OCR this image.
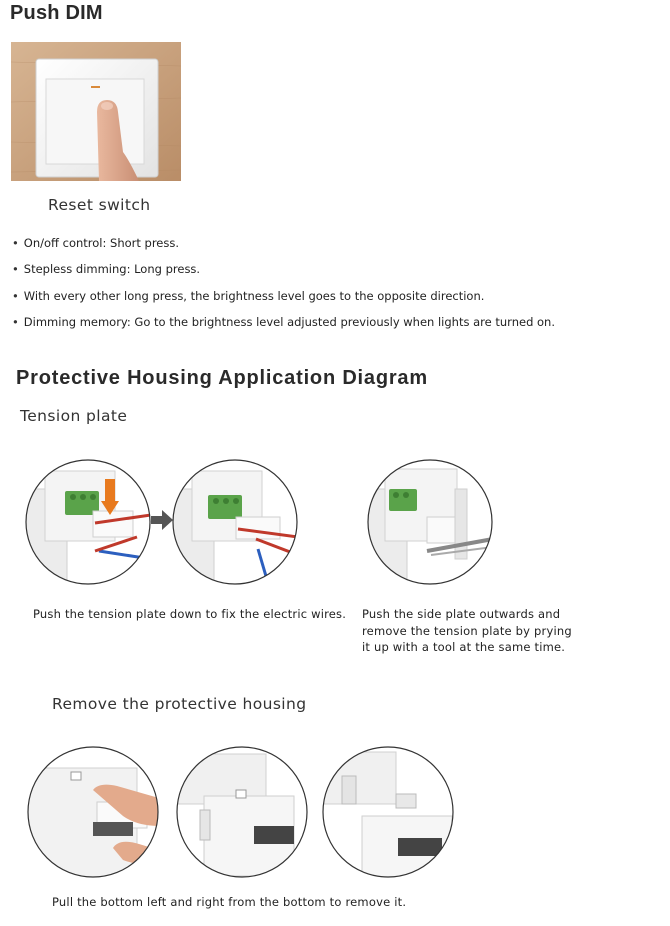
Push DIM
Reset switch
• On/off control: Short press.
• Stepless dimming: Long press.
• With every other long press, the brightness level goes to the opposite direction.
• Dimming memory: Go to the brightness level adjusted previously when lights are turned on.
Protective Housing Application Diagram
Tension plate
Push the tension plate down to fix the electric wires. Push the side plate outwards and
remove the tension plate by prying
it up with a tool at the same time.
Remove the protective housing
Pull the bottom left and right from the bottom to remove it.
